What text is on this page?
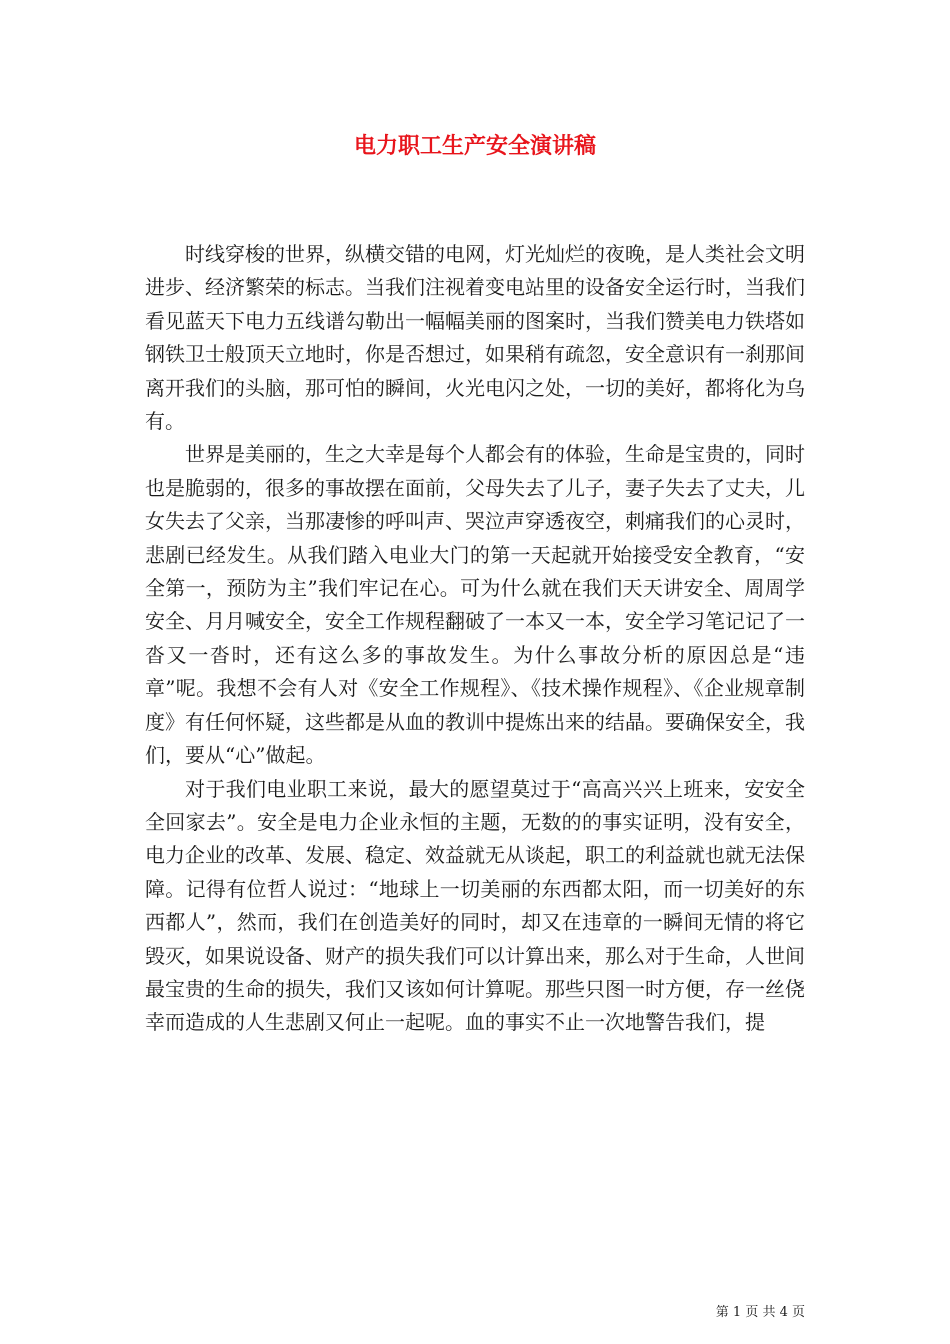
电力职工生产安全演讲稿

时线穿梭的世界，纵横交错的电网，灯光灿烂的夜晚，是人类社会文明进步、经济繁荣的标志。当我们注视着变电站里的设备安全运行时，当我们看见蓝天下电力五线谱勾勒出一幅幅美丽的图案时，当我们赞美电力铁塔如钢铁卫士般顶天立地时，你是否想过，如果稍有疏忽，安全意识有一刹那间离开我们的头脑，那可怕的瞬间，火光电闪之处，一切的美好，都将化为乌有。

世界是美丽的，生之大幸是每个人都会有的体验，生命是宝贵的，同时也是脆弱的，很多的事故摆在面前，父母失去了儿子，妻子失去了丈夫，儿女失去了父亲，当那凄惨的呼叫声、哭泣声穿透夜空，刺痛我们的心灵时，悲剧已经发生。从我们踏入电业大门的第一天起就开始接受安全教育，“安全第一，预防为主”我们牢记在心。可为什么就在我们天天讲安全、周周学安全、月月喊安全，安全工作规程翻破了一本又一本，安全学习笔记记了一沓又一沓时，还有这么多的事故发生。为什么事故分析的原因总是“违章”呢。我想不会有人对《安全工作规程》、《技术操作规程》、《企业规章制度》有任何怀疑，这些都是从血的教训中提炼出来的结晶。要确保安全，我们，要从“心”做起。

对于我们电业职工来说，最大的愿望莫过于“高高兴兴上班来，安安全全回家去”。安全是电力企业永恒的主题，无数的的事实证明，没有安全，电力企业的改革、发展、稳定、效益就无从谈起，职工的利益就也就无法保障。记得有位哲人说过：“地球上一切美丽的东西都太阳，而一切美好的东西都人”，然而，我们在创造美好的同时，却又在违章的一瞬间无情的将它毁灭，如果说设备、财产的损失我们可以计算出来，那么对于生命，人世间最宝贵的生命的损失，我们又该如何计算呢。那些只图一时方便，存一丝侥幸而造成的人生悲剧又何止一起呢。血的事实不止一次地警告我们，提

第 1 页 共 4 页
